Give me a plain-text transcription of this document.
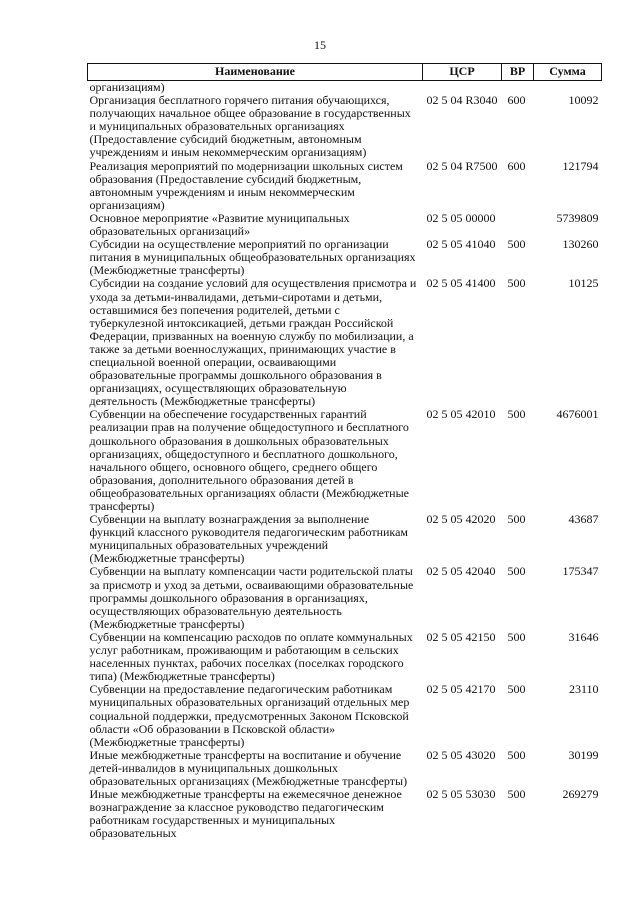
15
Наименование	ЦСР	ВР	Сумма
организациям)			
Организация бесплатного горячего питания обучающихся, получающих начальное общее образование в государственных и муниципальных образовательных организациях (Предоставление субсидий бюджетным, автономным учреждениям и иным некоммерческим организациям)	02 5 04 R3040	600	10092
Реализация мероприятий по модернизации школьных систем образования (Предоставление субсидий бюджетным, автономным учреждениям и иным некоммерческим организациям)	02 5 04 R7500	600	121794
Основное мероприятие «Развитие муниципальных образовательных организаций»	02 5 05 00000		5739809
Субсидии на осуществление мероприятий по организации питания в муниципальных общеобразовательных организациях (Межбюджетные трансферты)	02 5 05 41040	500	130260
Субсидии на создание условий для осуществления присмотра и ухода за детьми-инвалидами, детьми-сиротами и детьми, оставшимися без попечения родителей, детьми с туберкулезной интоксикацией, детьми граждан Российской Федерации, призванных на военную службу по мобилизации, а также за детьми военнослужащих, принимающих участие в специальной военной операции, осваивающими образовательные программы дошкольного образования в организациях, осуществляющих образовательную деятельность (Межбюджетные трансферты)	02 5 05 41400	500	10125
Субвенции на обеспечение государственных гарантий реализации прав на получение общедоступного и бесплатного дошкольного образования в дошкольных образовательных организациях, общедоступного и бесплатного дошкольного, начального общего, основного общего, среднего общего образования, дополнительного образования детей в общеобразовательных организациях области (Межбюджетные трансферты)	02 5 05 42010	500	4676001
Субвенции на выплату вознаграждения за выполнение функций классного руководителя педагогическим работникам муниципальных образовательных учреждений (Межбюджетные трансферты)	02 5 05 42020	500	43687
Субвенции на выплату компенсации части родительской платы за присмотр и уход за детьми, осваивающими образовательные программы дошкольного образования в организациях, осуществляющих образовательную деятельность (Межбюджетные трансферты)	02 5 05 42040	500	175347
Субвенции на компенсацию расходов по оплате коммунальных услуг работникам, проживающим и работающим в сельских населенных пунктах, рабочих поселках (поселках городского типа) (Межбюджетные трансферты)	02 5 05 42150	500	31646
Субвенции на предоставление педагогическим работникам муниципальных образовательных организаций отдельных мер социальной поддержки, предусмотренных Законом Псковской области «Об образовании в Псковской области» (Межбюджетные трансферты)	02 5 05 42170	500	23110
Иные межбюджетные трансферты на воспитание и обучение детей-инвалидов в муниципальных дошкольных образовательных организациях (Межбюджетные трансферты)	02 5 05 43020	500	30199
Иные межбюджетные трансферты на ежемесячное денежное вознаграждение за классное руководство педагогическим работникам государственных и муниципальных образовательных	02 5 05 53030	500	269279
